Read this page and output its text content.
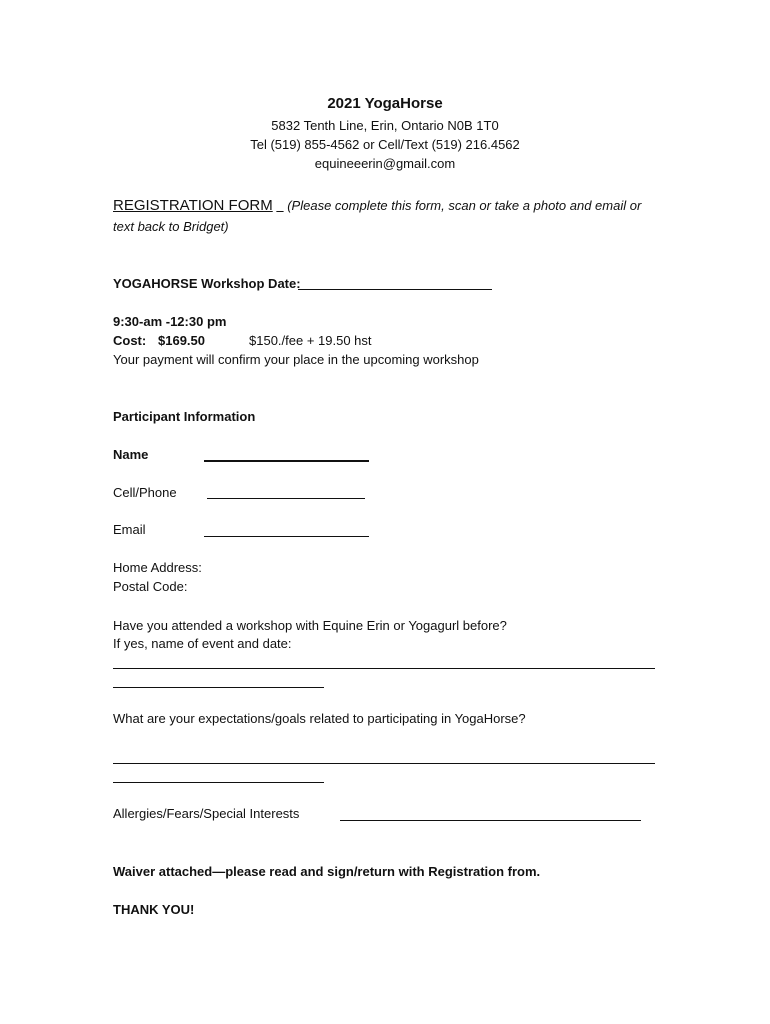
2021 YogaHorse
5832 Tenth Line, Erin, Ontario N0B 1T0
Tel (519) 855-4562 or Cell/Text (519) 216.4562
equineeerin@gmail.com
REGISTRATION FORM (Please complete this form, scan or take a photo and email or
text back to Bridget)
YOGAHORSE Workshop Date:
9:30-am -12:30 pm
Cost: $169.50	$150./fee + 19.50 hst
Your payment will confirm your place in the upcoming workshop
Participant Information
Name
Cell/Phone
Email
Home Address:
Postal Code:
Have you attended a workshop with Equine Erin or Yogagurl before?
If yes, name of event and date:
What are your expectations/goals related to participating in YogaHorse?
Allergies/Fears/Special Interests
Waiver attached—please read and sign/return with Registration from.
THANK YOU!
